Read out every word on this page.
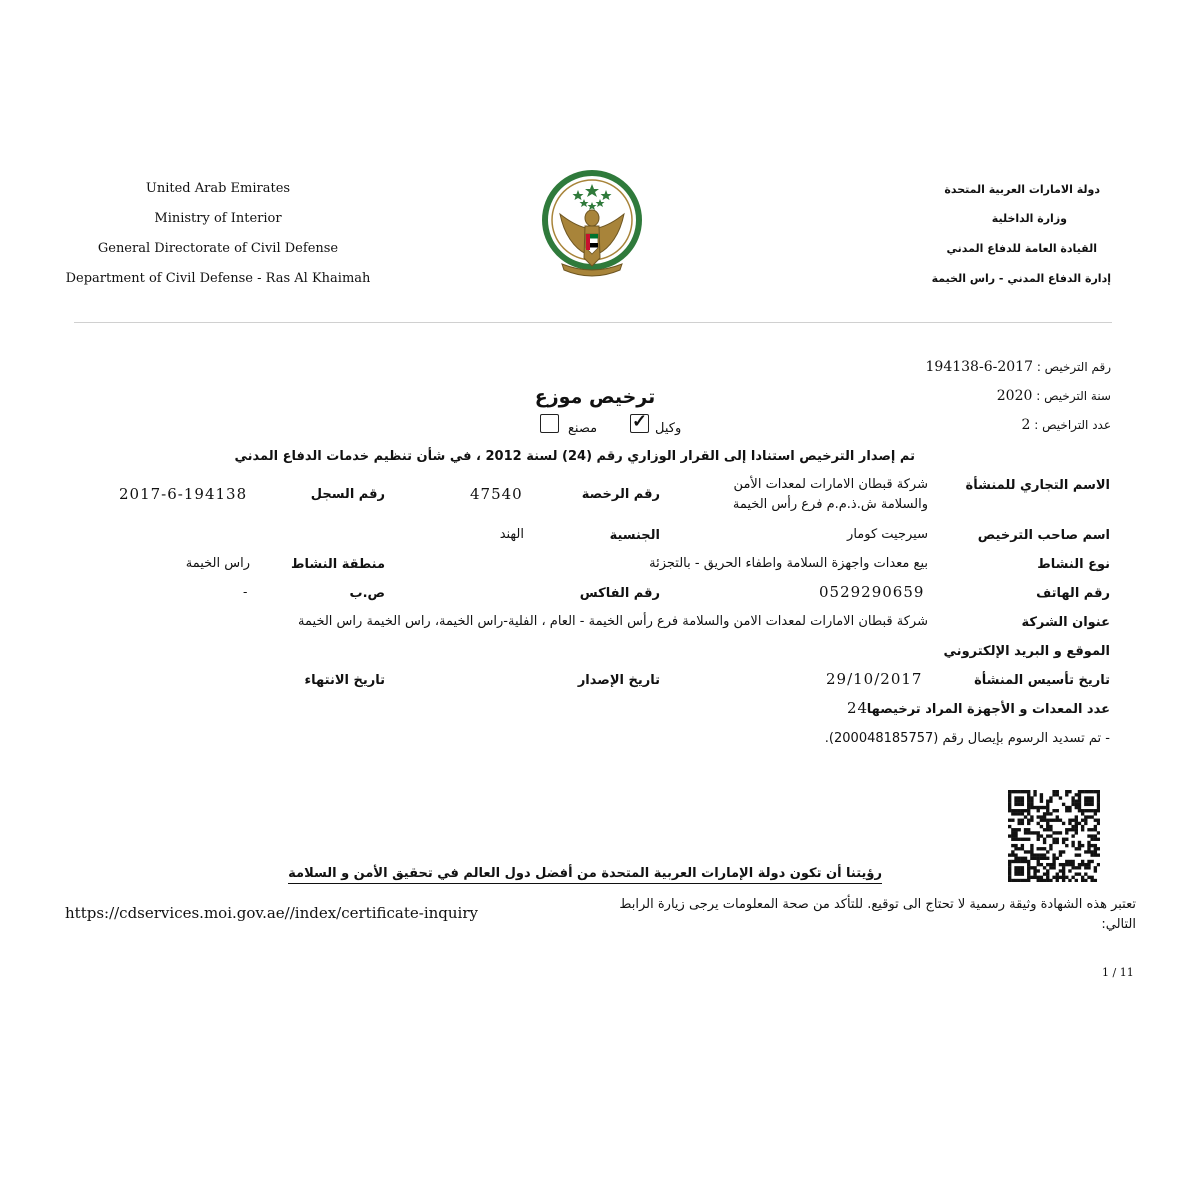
United Arab Emirates
Ministry of Interior
General Directorate of Civil Defense
Department of Civil Defense - Ras Al Khaimah
دولة الامارات العربية المتحدة
وزارة الداخلية
القيادة العامة للدفاع المدني
إدارة الدفاع المدني - راس الخيمة
رقم الترخيص : 2017-6-194138
سنة الترخيص : 2020
عدد التراخيص : 2
ترخيص موزع
وكيل
✓
مصنع
تم إصدار الترخيص استنادا إلى القرار الوزاري رقم (24) لسنة 2012 ، في شأن تنظيم خدمات الدفاع المدني
الاسم التجاري للمنشأة
شركة قبطان الامارات لمعدات الأمن
والسلامة ش.ذ.م.م فرع رأس الخيمة
رقم الرخصة
47540
رقم السجل
2017-6-194138
اسم صاحب الترخيص
سيرجيت كومار
الجنسية
الهند
نوع النشاط
بيع معدات واجهزة السلامة واطفاء الحريق - بالتجزئة
منطقة النشاط
راس الخيمة
رقم الهاتف
0529290659
رقم الفاكس
ص.ب
-
عنوان الشركة
شركة قبطان الامارات لمعدات الامن والسلامة فرع رأس الخيمة - العام ، الفلية-راس الخيمة، راس الخيمة راس الخيمة
الموقع و البريد الإلكتروني
تاريخ تأسيس المنشأة
29/10/2017
تاريخ الإصدار
تاريخ الانتهاء
عدد المعدات و الأجهزة المراد ترخيصها
24
- تم تسديد الرسوم بإيصال رقم (200048185757).
رؤيتنا أن تكون دولة الإمارات العربية المتحدة من أفضل دول العالم في تحقيق الأمن و السلامة
تعتبر هذه الشهادة وثيقة رسمية لا تحتاج الى توقيع. للتأكد من صحة المعلومات يرجى زيارة الرابط
التالي:
https://cdservices.moi.gov.ae//index/certificate-inquiry
1 / 11
